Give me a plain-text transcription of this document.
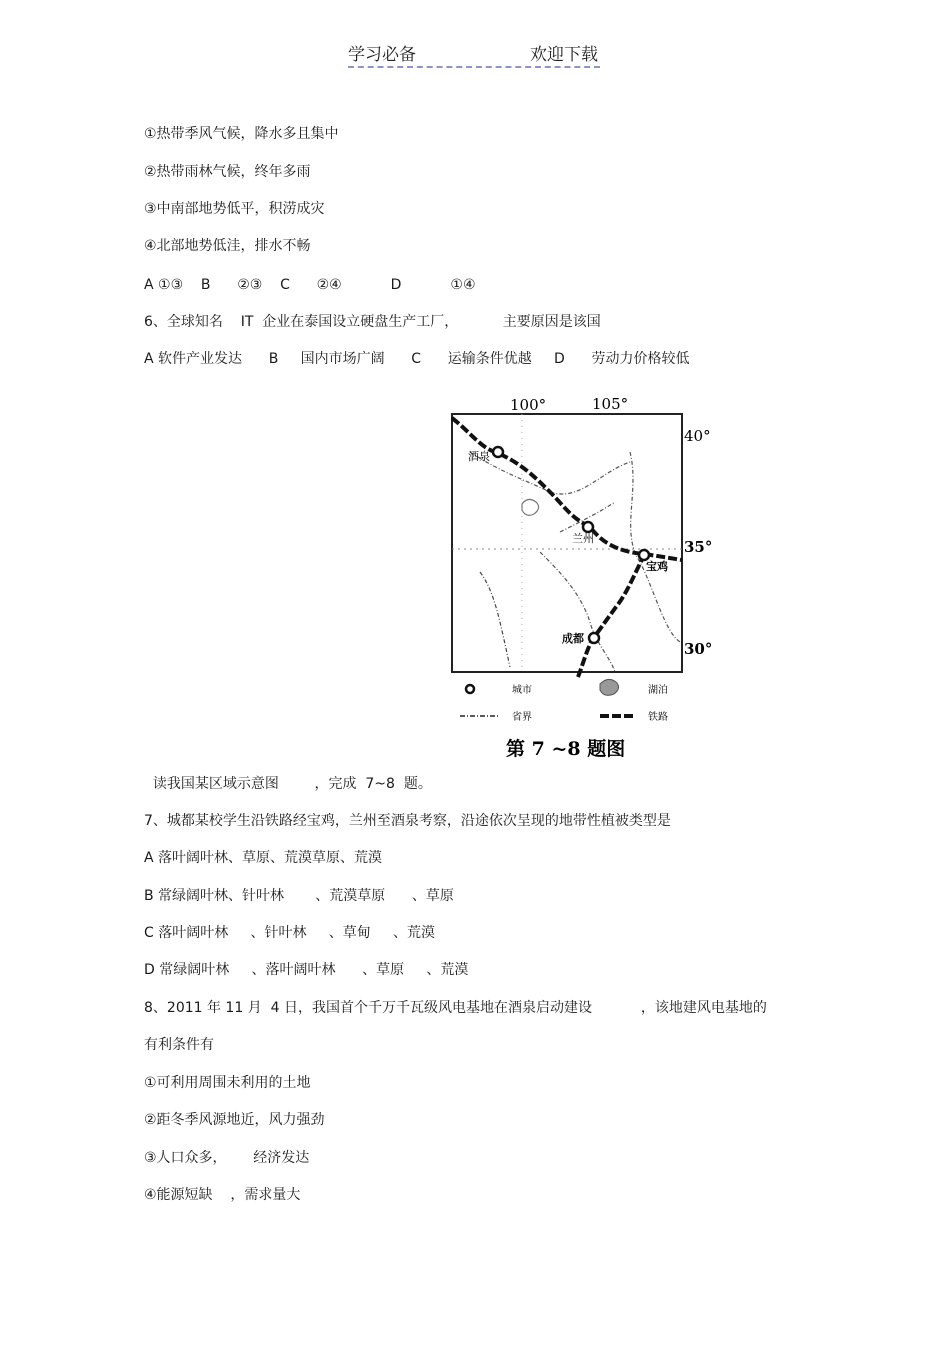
学习必备	欢迎下载
①热带季风气候，降水多且集中
②热带雨林气候，终年多雨
③中南部地势低平，积涝成灾
④北部地势低洼，排水不畅
A ①③    B      ②③    C      ②④           D           ①④
6、全球知名    IT  企业在泰国设立硬盘生产工厂，          主要原因是该国
A 软件产业发达      B     国内市场广阔      C      运输条件优越     D      劳动力价格较低
100°	105°
40°
35°
30°
酒泉
兰州
宝鸡
成都
城市	湖泊
省界	铁路
第 7 ~8 题图
读我国某区域示意图        ，完成  7~8  题。
7、城都某校学生沿铁路经宝鸡，兰州至酒泉考察，沿途依次呈现的地带性植被类型是
A 落叶阔叶林、草原、荒漠草原、荒漠
B 常绿阔叶林、针叶林       、荒漠草原      、草原
C 落叶阔叶林     、针叶林     、草甸     、荒漠
D 常绿阔叶林     、落叶阔叶林      、草原     、荒漠
8、2011 年 11 月  4 日，我国首个千万千瓦级风电基地在酒泉启动建设           ，该地建风电基地的
有利条件有
①可利用周围未利用的土地
②距冬季风源地近，风力强劲
③人口众多，      经济发达
④能源短缺    ，需求量大
